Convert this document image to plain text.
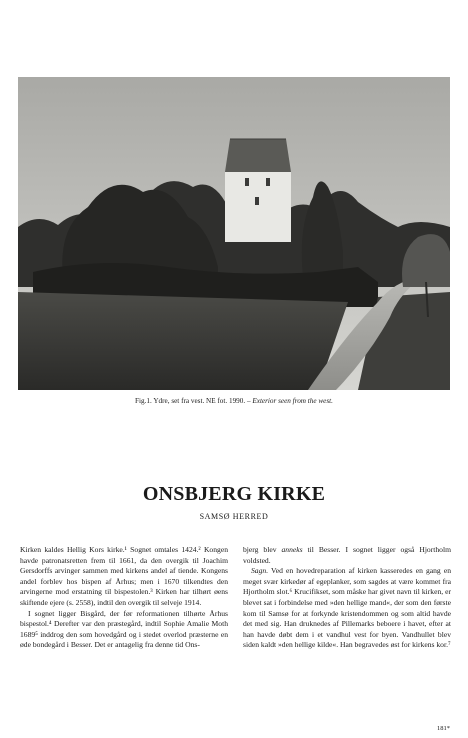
Fig.1. Ydre, set fra vest. NE fot. 1990. – Exterior seen from the west.
ONSBJERG KIRKE
SAMSØ HERRED

Kirken kaldes Hellig Kors kirke.¹ Sognet omtales 1424.² Kongen havde patronatsretten frem til 1661, da den overgik til Joachim Gersdorffs arvinger sammen med kirkens andel af tiende. Kongens andel forblev hos bispen af Århus; men i 1670 tilkendtes den arvingerne mod erstatning til bispestolen.³ Kirken har tilhørt øens skiftende ejere (s. 2558), indtil den overgik til selveje 1914.

I sognet ligger Bisgård, der før reformationen tilhørte Århus bispestol.⁴ Derefter var den præstegård, indtil Sophie Amalie Moth 1689⁵ inddrog den som hovedgård og i stedet overlod præsterne en øde bondegård i Besser. Det er antagelig fra denne tid Ons-

bjerg blev anneks til Besser. I sognet ligger også Hjortholm voldsted.

Sagn. Ved en hovedreparation af kirken kasseredes en gang en meget svær kirkedør af egeplanker, som sagdes at være kommet fra Hjortholm slot.⁶ Krucifikset, som måske har givet navn til kirken, er blevet sat i forbindelse med »den hellige mand«, der som den første kom til Samsø for at forkynde kristendommen og som altid havde det med sig. Han druknedes af Pillemarks beboere i havet, efter at han havde døbt dem i et vandhul vest for byen. Vandhullet blev siden kaldt »den hellige kilde«. Han begravedes øst for kirkens kor.⁷

181*
